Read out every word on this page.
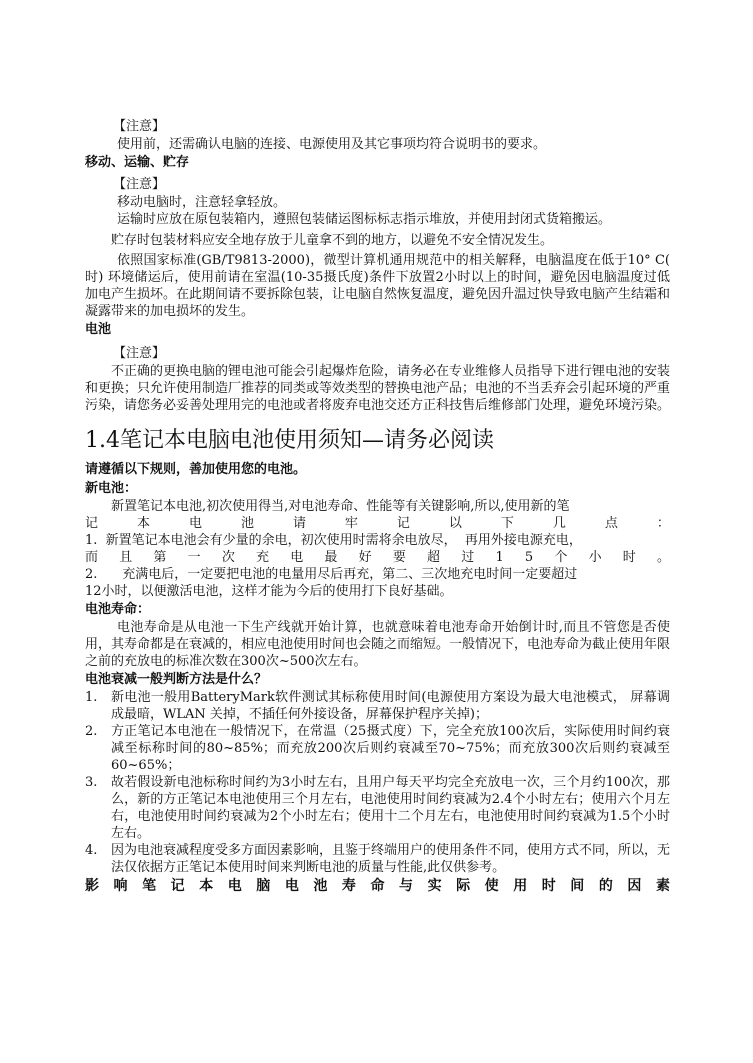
【注意】
使用前，还需确认电脑的连接、电源使用及其它事项均符合说明书的要求。
移动、运输、贮存
【注意】
移动电脑时，注意轻拿轻放。
运输时应放在原包装箱内，遵照包装储运图标标志指示堆放，并使用封闭式货箱搬运。
贮存时包装材料应安全地存放于儿童拿不到的地方，以避免不安全情况发生。
依照国家标准(GB/T9813-2000)，微型计算机通用规范中的相关解释，电脑温度在低于10° C( 时) 环境储运后，使用前请在室温(10-35摄氏度)条件下放置2小时以上的时间，避免因电脑温度过低加电产生损坏。在此期间请不要拆除包装，让电脑自然恢复温度，避免因升温过快导致电脑产生结霜和凝露带来的加电损坏的发生。
电池
【注意】
不正确的更换电脑的锂电池可能会引起爆炸危险，请务必在专业维修人员指导下进行锂电池的安装和更换；只允许使用制造厂推荐的同类或等效类型的替换电池产品；电池的不当丢弃会引起环境的严重污染，请您务必妥善处理用完的电池或者将废弃电池交还方正科技售后维修部门处理，避免环境污染。
1.4笔记本电脑电池使用须知—请务必阅读
请遵循以下规则，善加使用您的电池。
新电池：
新置笔记本电池,初次使用得当,对电池寿命、性能等有关键影响,所以,使用新的笔
记	本	电	池	请	牢	记	以	下	几	点	：
1.  新置笔记本电池会有少量的余电，初次使用时需将余电放尽，  再用外接电源充电，
而 且 第 一 次 充 电 最 好 要 超 过 1 5 个 小 时 。
2.      充满电后，一定要把电池的电量用尽后再充，第二、三次地充电时间一定要超过
12小时，以便激活电池，这样才能为今后的使用打下良好基础。
电池寿命：
电池寿命是从电池一下生产线就开始计算，也就意味着电池寿命开始倒计时,而且不管您是否使用，其寿命都是在衰减的，相应电池使用时间也会随之而缩短。一般情况下，电池寿命为截止使用年限之前的充放电的标准次数在300次~500次左右。
电池衰减一般判断方法是什么？
1.	新电池一般用BatteryMark软件测试其标称使用时间(电源使用方案设为最大电池模式， 屏幕调成最暗，WLAN 关掉，不插任何外接设备，屏幕保护程序关掉)；
2.	方正笔记本电池在一般情况下，在常温（25摄式度）下，完全充放100次后，实际使用时间约衰减至标称时间的80~85%；而充放200次后则约衰减至70~75%；而充放300次后则约衰减至60~65%；
3.	故若假设新电池标称时间约为3小时左右，且用户每天平均完全充放电一次，三个月约100次，那么，新的方正笔记本电池使用三个月左右，电池使用时间约衰减为2.4个小时左右；使用六个月左右，电池使用时间约衰减为2个小时左右；使用十二个月左右，电池使用时间约衰减为1.5个小时左右。
4.	因为电池衰减程度受多方面因素影响，且鉴于终端用户的使用条件不同，使用方式不同，所以，无法仅依据方正笔记本使用时间来判断电池的质量与性能,此仅供参考。
影 响 笔 记 本 电 脑 电 池 寿 命 与 实 际 使 用 时 间 的 因 素
